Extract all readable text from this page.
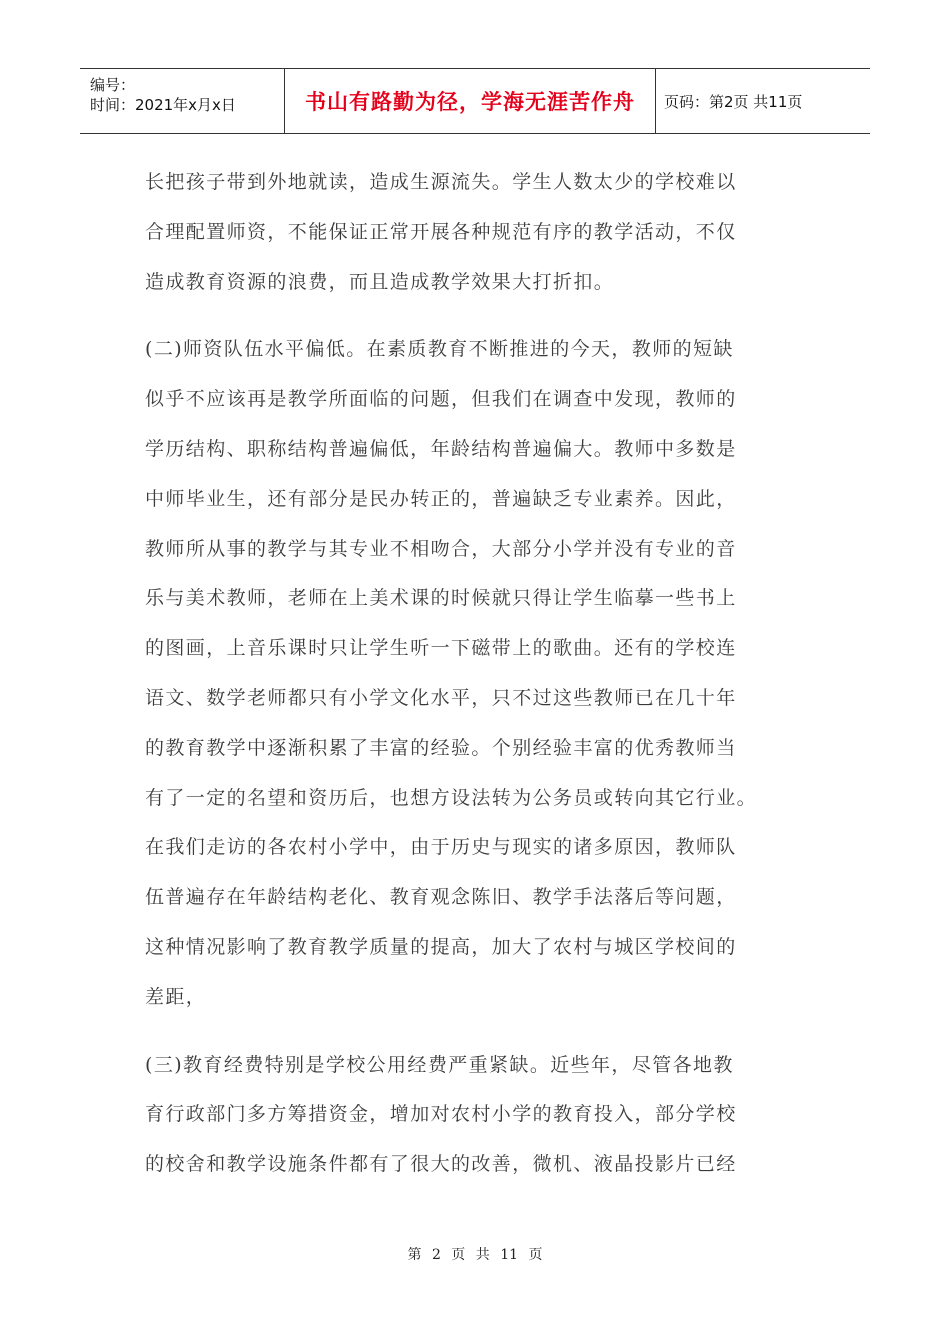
编号：
时间：2021年x月x日	书山有路勤为径，学海无涯苦作舟 页码：第2页 共11页
长把孩子带到外地就读，造成生源流失。学生人数太少的学校难以
合理配置师资，不能保证正常开展各种规范有序的教学活动，不仅
造成教育资源的浪费，而且造成教学效果大打折扣。
(二)师资队伍水平偏低。在素质教育不断推进的今天，教师的短缺
似乎不应该再是教学所面临的问题，但我们在调查中发现，教师的
学历结构、职称结构普遍偏低，年龄结构普遍偏大。教师中多数是
中师毕业生，还有部分是民办转正的，普遍缺乏专业素养。因此，
教师所从事的教学与其专业不相吻合，大部分小学并没有专业的音
乐与美术教师，老师在上美术课的时候就只得让学生临摹一些书上
的图画，上音乐课时只让学生听一下磁带上的歌曲。还有的学校连
语文、数学老师都只有小学文化水平，只不过这些教师已在几十年
的教育教学中逐渐积累了丰富的经验。个别经验丰富的优秀教师当
有了一定的名望和资历后，也想方设法转为公务员或转向其它行业。
在我们走访的各农村小学中，由于历史与现实的诸多原因，教师队
伍普遍存在年龄结构老化、教育观念陈旧、教学手法落后等问题，
这种情况影响了教育教学质量的提高，加大了农村与城区学校间的
差距，
(三)教育经费特别是学校公用经费严重紧缺。近些年，尽管各地教
育行政部门多方筹措资金，增加对农村小学的教育投入，部分学校
的校舍和教学设施条件都有了很大的改善，微机、液晶投影片已经
第 2 页 共 11 页
